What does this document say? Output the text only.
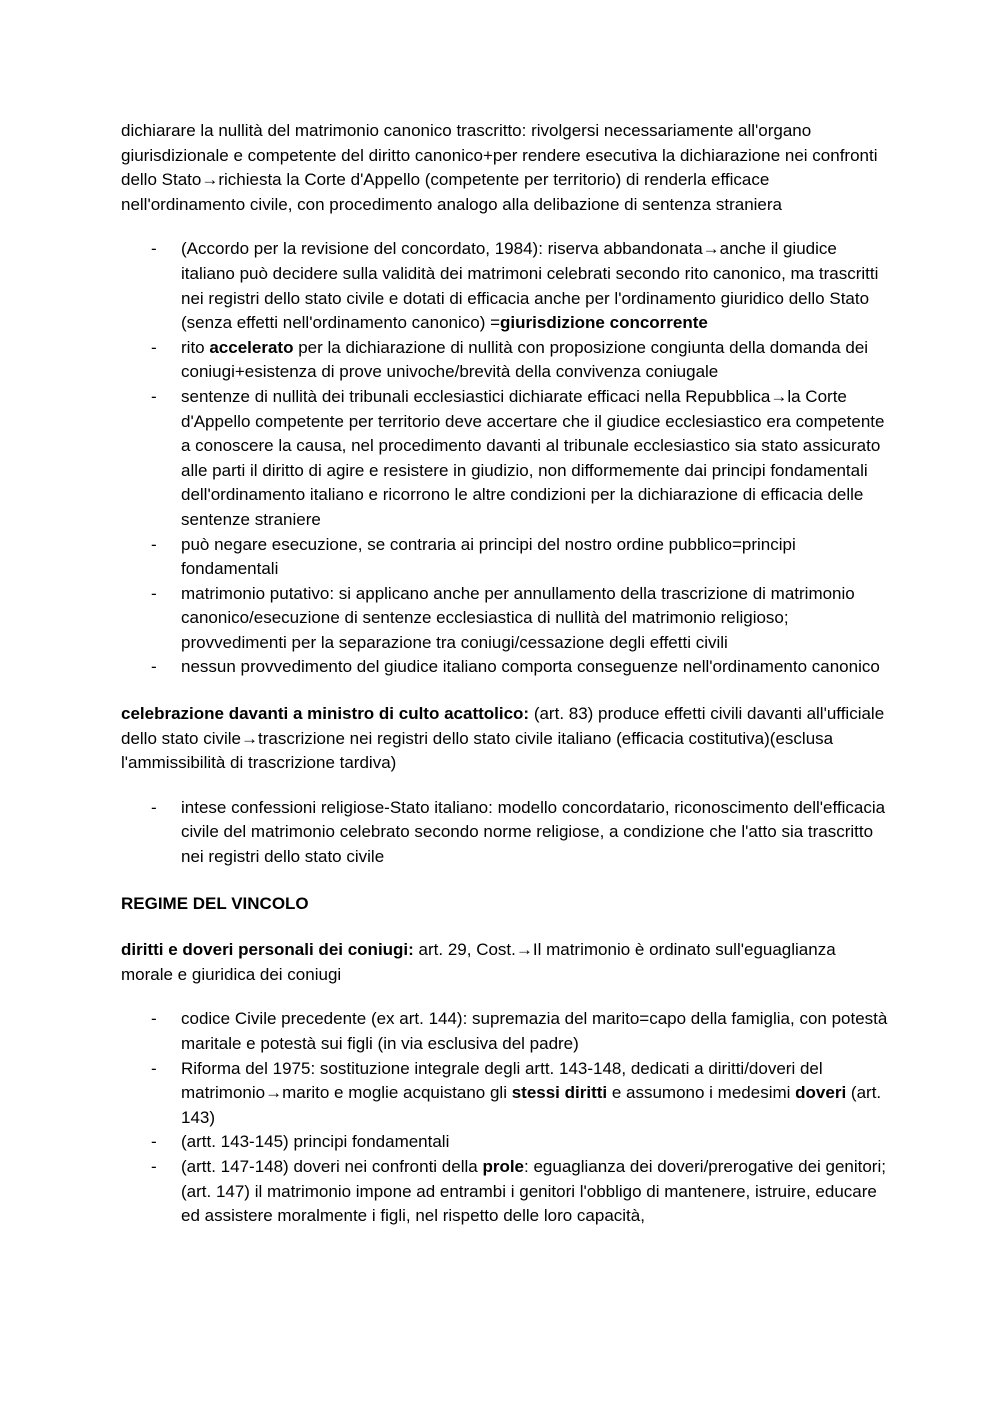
dichiarare la nullità del matrimonio canonico trascritto: rivolgersi necessariamente all'organo giurisdizionale e competente del diritto canonico+per rendere esecutiva la dichiarazione nei confronti dello Stato→richiesta la Corte d'Appello (competente per territorio) di renderla efficace nell'ordinamento civile, con procedimento analogo alla delibazione di sentenza straniera

- (Accordo per la revisione del concordato, 1984): riserva abbandonata→anche il giudice italiano può decidere sulla validità dei matrimoni celebrati secondo rito canonico, ma trascritti nei registri dello stato civile e dotati di efficacia anche per l'ordinamento giuridico dello Stato (senza effetti nell'ordinamento canonico) =giurisdizione concorrente
- rito accelerato per la dichiarazione di nullità con proposizione congiunta della domanda dei coniugi+esistenza di prove univoche/brevità della convivenza coniugale
- sentenze di nullità dei tribunali ecclesiastici dichiarate efficaci nella Repubblica→la Corte d'Appello competente per territorio deve accertare che il giudice ecclesiastico era competente a conoscere la causa, nel procedimento davanti al tribunale ecclesiastico sia stato assicurato alle parti il diritto di agire e resistere in giudizio, non difformemente dai principi fondamentali dell'ordinamento italiano e ricorrono le altre condizioni per la dichiarazione di efficacia delle sentenze straniere
- può negare esecuzione, se contraria ai principi del nostro ordine pubblico=principi fondamentali
- matrimonio putativo: si applicano anche per annullamento della trascrizione di matrimonio canonico/esecuzione di sentenze ecclesiastica di nullità del matrimonio religioso; provvedimenti per la separazione tra coniugi/cessazione degli effetti civili
- nessun provvedimento del giudice italiano comporta conseguenze nell'ordinamento canonico

celebrazione davanti a ministro di culto acattolico: (art. 83) produce effetti civili davanti all'ufficiale dello stato civile→trascrizione nei registri dello stato civile italiano (efficacia costitutiva)(esclusa l'ammissibilità di trascrizione tardiva)

- intese confessioni religiose-Stato italiano: modello concordatario, riconoscimento dell'efficacia civile del matrimonio celebrato secondo norme religiose, a condizione che l'atto sia trascritto nei registri dello stato civile

REGIME DEL VINCOLO

diritti e doveri personali dei coniugi: art. 29, Cost.→Il matrimonio è ordinato sull'eguaglianza morale e giuridica dei coniugi

- codice Civile precedente (ex art. 144): supremazia del marito=capo della famiglia, con potestà maritale e potestà sui figli (in via esclusiva del padre)
- Riforma del 1975: sostituzione integrale degli artt. 143-148, dedicati a diritti/doveri del matrimonio→marito e moglie acquistano gli stessi diritti e assumono i medesimi doveri (art. 143)
- (artt. 143-145) principi fondamentali
- (artt. 147-148) doveri nei confronti della prole: eguaglianza dei doveri/prerogative dei genitori; (art. 147) il matrimonio impone ad entrambi i genitori l'obbligo di mantenere, istruire, educare ed assistere moralmente i figli, nel rispetto delle loro capacità,
